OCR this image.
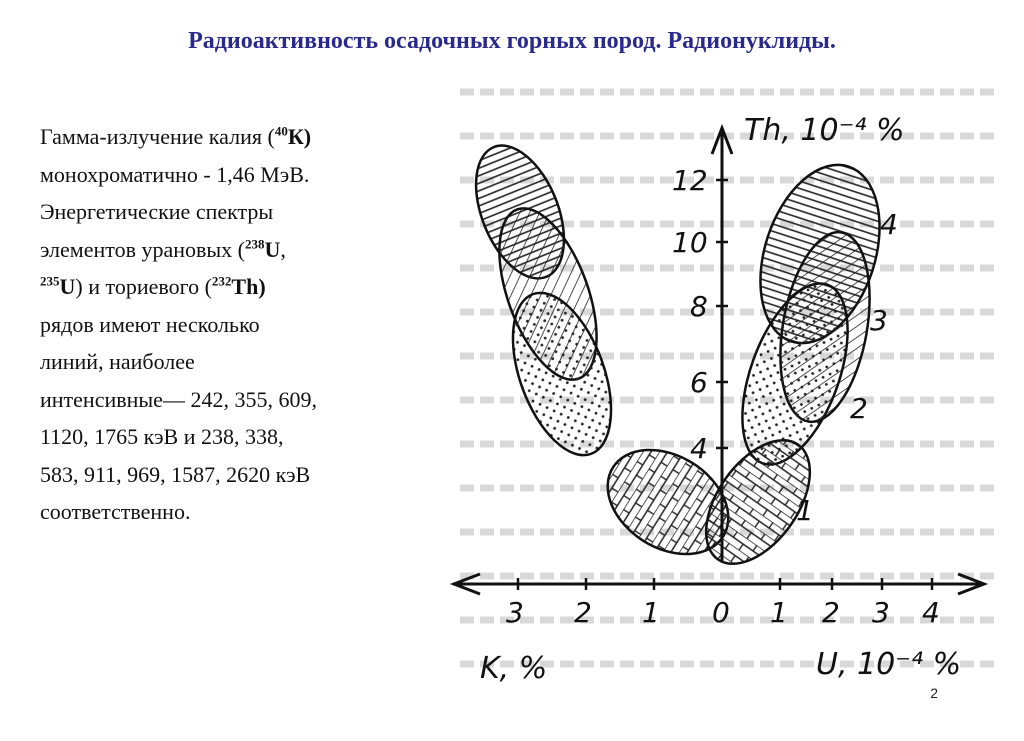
Радиоактивность осадочных горных пород. Радионуклиды.
Гамма-излучение калия ($^{40}$К)
монохроматично - 1,46 МэВ.
Энергетические спектры
элементов урановых ($^{238}$U,
$^{235}$U) и ториевого ($^{232}$Th)
рядов имеют несколько
линий, наиболее
интенсивные— 242, 355, 609,
1120, 1765 кэВ и 238, 338,
583, 911, 969, 1587, 2620 кэВ
соответственно.
12
10
8
6
4
3 2 1 0 1 2 3 4
4
3
2
1
Th, 10⁻⁴ %
K, %	U, 10⁻⁴ %
2
